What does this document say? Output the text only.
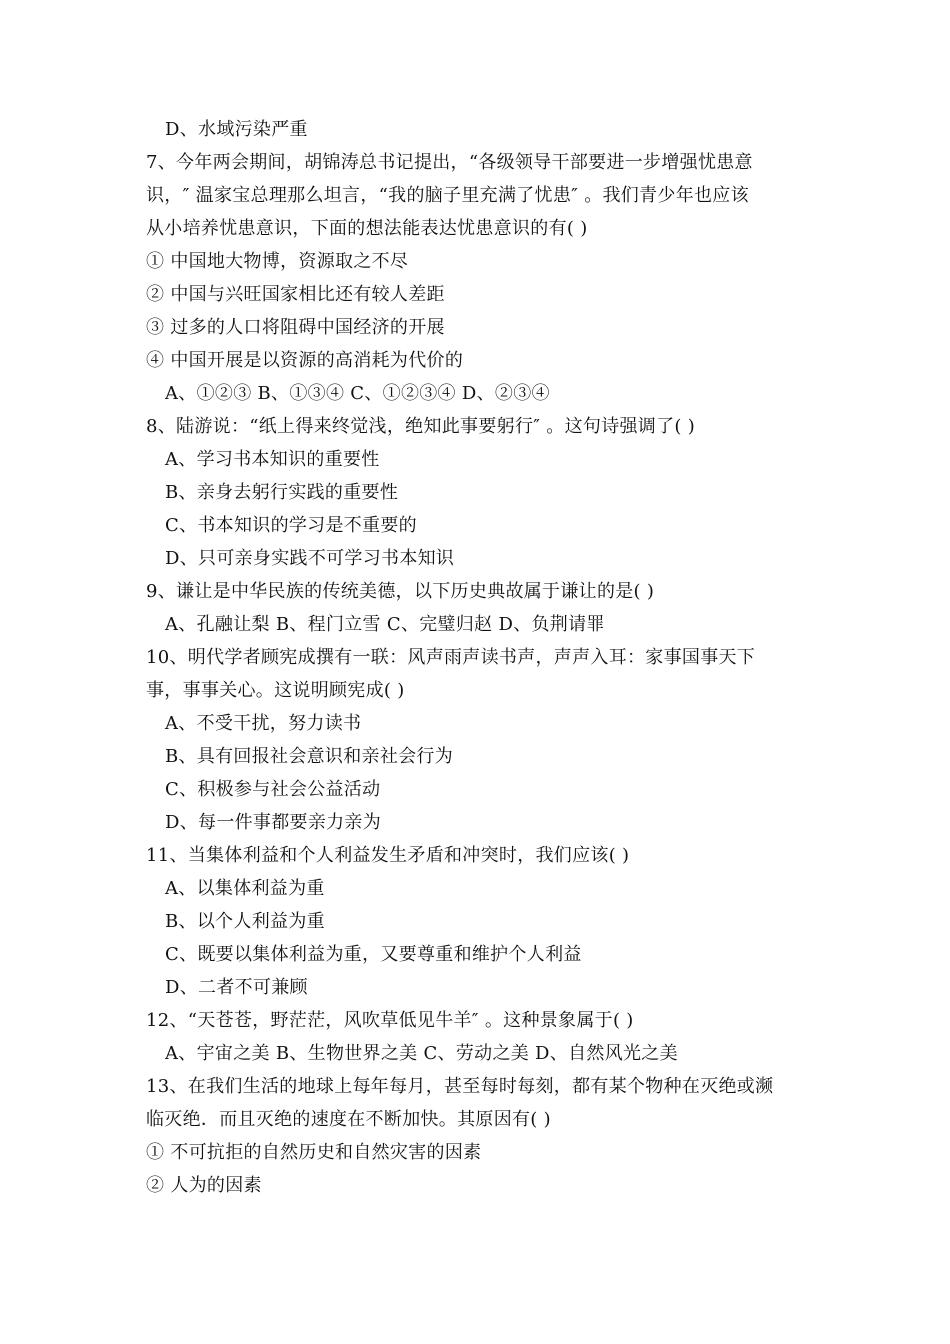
D、水域污染严重
7、今年两会期间，胡锦涛总书记提出，“各级领导干部要进一步增强忧患意
识，″ 温家宝总理那么坦言，“我的脑子里充满了忧患″ 。我们青少年也应该
从小培养忧患意识，下面的想法能表达忧患意识的有( )
① 中国地大物博，资源取之不尽
② 中国与兴旺国家相比还有较人差距
③ 过多的人口将阻碍中国经济的开展
④ 中国开展是以资源的高消耗为代价的
A、①②③ B、①③④ C、①②③④ D、②③④
8、陆游说：“纸上得来终觉浅，绝知此事要躬行″ 。这句诗强调了( )
A、学习书本知识的重要性
B、亲身去躬行实践的重要性
C、书本知识的学习是不重要的
D、只可亲身实践不可学习书本知识
9、谦让是中华民族的传统美德，以下历史典故属于谦让的是( )
A、孔融让梨 B、程门立雪 C、完璧归赵 D、负荆请罪
10、明代学者顾宪成撰有一联：风声雨声读书声，声声入耳：家事国事天下
事，事事关心。这说明顾宪成( )
A、不受干扰，努力读书
B、具有回报社会意识和亲社会行为
C、积极参与社会公益活动
D、每一件事都要亲力亲为
11、当集体利益和个人利益发生矛盾和冲突时，我们应该( )
A、以集体利益为重
B、以个人利益为重
C、既要以集体利益为重，又要尊重和维护个人利益
D、二者不可兼顾
12、“天苍苍，野茫茫，风吹草低见牛羊″ 。这种景象属于( )
A、宇宙之美 B、生物世界之美 C、劳动之美 D、自然风光之美
13、在我们生活的地球上每年每月，甚至每时每刻，都有某个物种在灭绝或濒
临灭绝．而且灭绝的速度在不断加快。其原因有( )
① 不可抗拒的自然历史和自然灾害的因素
② 人为的因素
